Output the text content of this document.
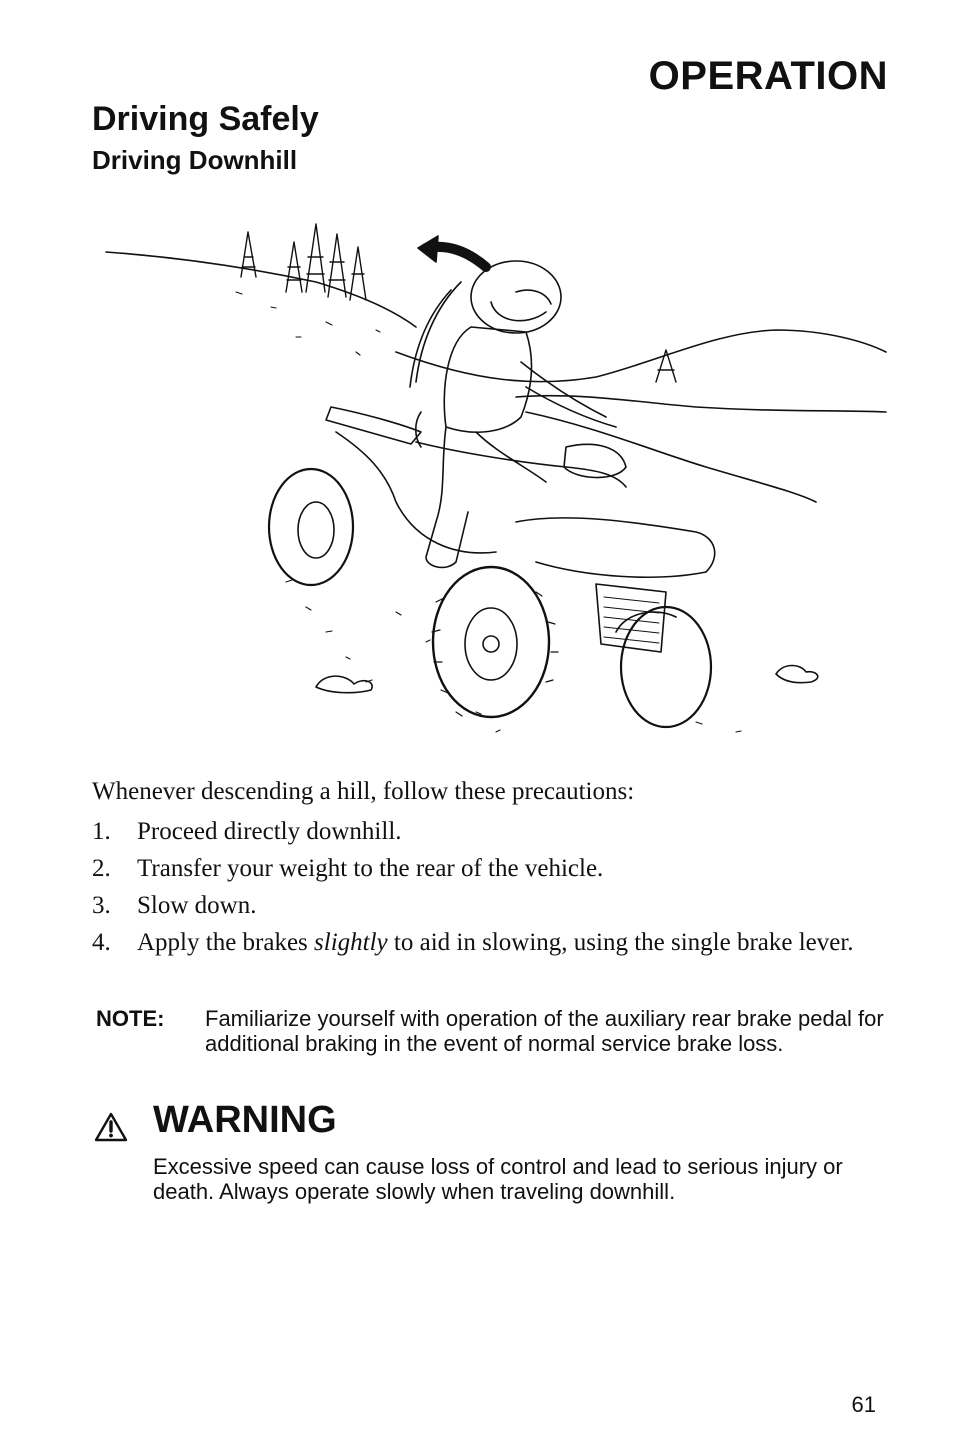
OPERATION
Driving Safely
Driving Downhill

Whenever descending a hill, follow these precautions:

1. Proceed directly downhill.
2. Transfer your weight to the rear of the vehicle.
3. Slow down.
4. Apply the brakes slightly to aid in slowing, using the single brake lever.
NOTE: Familiarize yourself with operation of the auxiliary rear brake pedal for additional braking in the event of normal service brake loss.
WARNING

Excessive speed can cause loss of control and lead to serious injury or death. Always operate slowly when traveling downhill.

61
